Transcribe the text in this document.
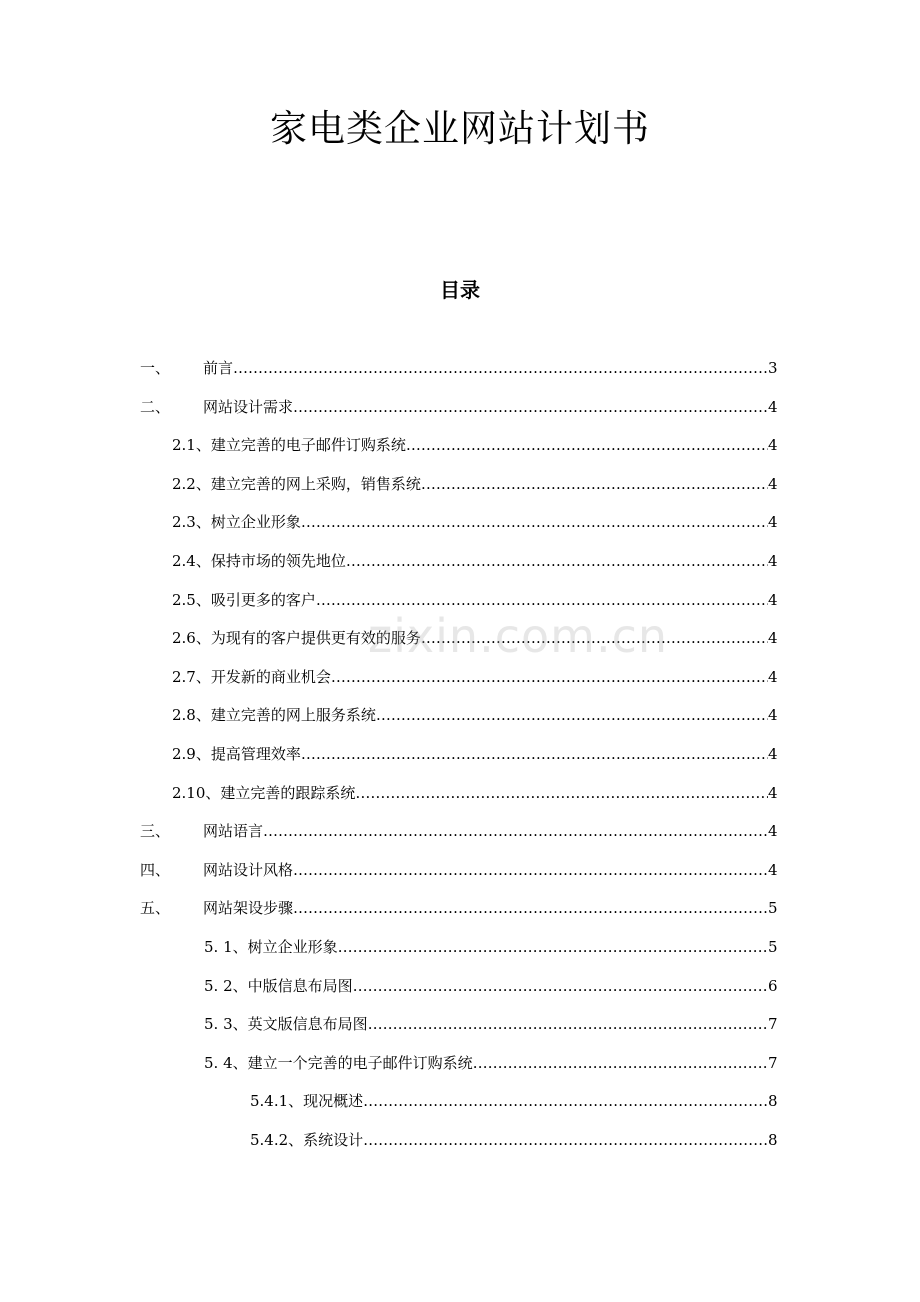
家电类企业网站计划书
目录
一、 前言 …………………………………………………………………………………………………………………………………………………………………………	3
二、 网站设计需求 …………………………………………………………………………………………………………………………………………………………………………	4
2.1、建立完善的电子邮件订购系统 …………………………………………………………………………………………………………………………………………………………………………	4
2.2、建立完善的网上采购，销售系统 …………………………………………………………………………………………………………………………………………………………………………	4
2.3、树立企业形象 …………………………………………………………………………………………………………………………………………………………………………	4
2.4、保持市场的领先地位 …………………………………………………………………………………………………………………………………………………………………………	4
2.5、吸引更多的客户 …………………………………………………………………………………………………………………………………………………………………………	4
2.6、为现有的客户提供更有效的服务 …………………………………………………………………………………………………………………………………………………………………………	4
2.7、开发新的商业机会 …………………………………………………………………………………………………………………………………………………………………………	4
2.8、建立完善的网上服务系统 …………………………………………………………………………………………………………………………………………………………………………	4
2.9、提高管理效率 …………………………………………………………………………………………………………………………………………………………………………	4
2.10、建立完善的跟踪系统 …………………………………………………………………………………………………………………………………………………………………………	4
三、 网站语言 …………………………………………………………………………………………………………………………………………………………………………	4
四、 网站设计风格 …………………………………………………………………………………………………………………………………………………………………………	4
五、 网站架设步骤 …………………………………………………………………………………………………………………………………………………………………………	5
5. 1、树立企业形象 …………………………………………………………………………………………………………………………………………………………………………	5
5. 2、中版信息布局图 …………………………………………………………………………………………………………………………………………………………………………	6
5. 3、英文版信息布局图 …………………………………………………………………………………………………………………………………………………………………………	7
5. 4、建立一个完善的电子邮件订购系统 …………………………………………………………………………………………………………………………………………………………………………	7
5.4.1、现况概述 …………………………………………………………………………………………………………………………………………………………………………	8
5.4.2、系统设计 …………………………………………………………………………………………………………………………………………………………………………	8
zixin.com.cn
